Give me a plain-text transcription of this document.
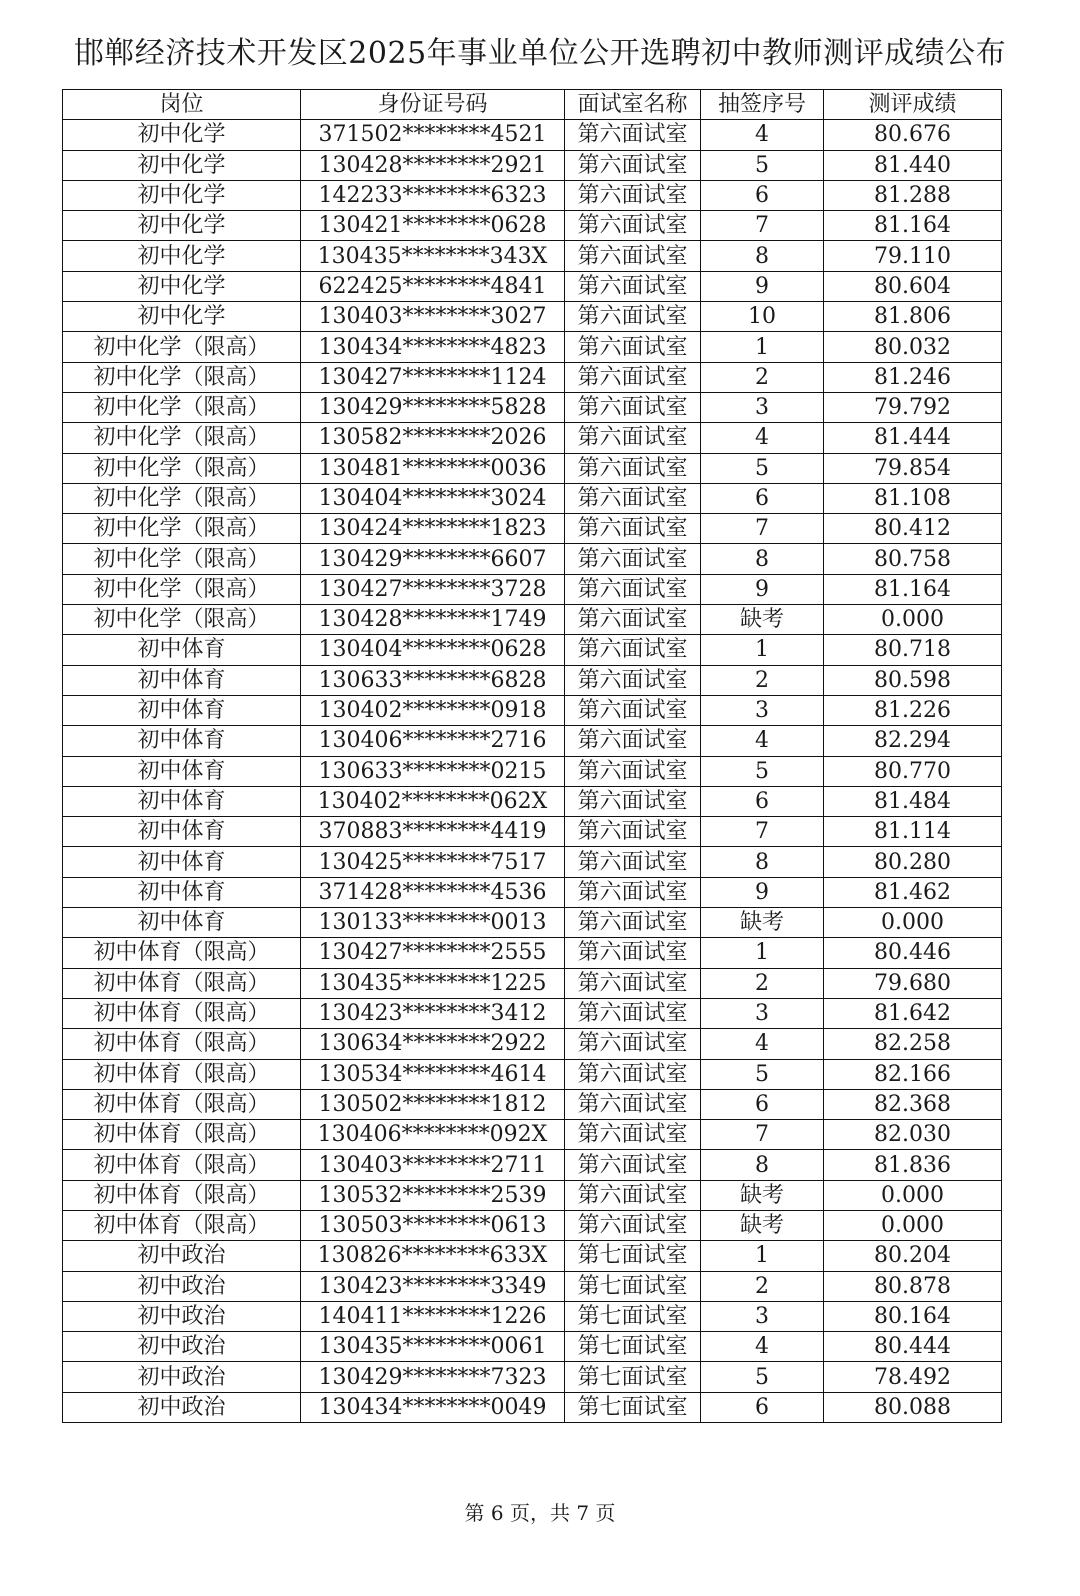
邯郸经济技术开发区2025年事业单位公开选聘初中教师测评成绩公布
岗位	身份证号码	面试室名称	抽签序号	测评成绩
初中化学	371502********4521	第六面试室	4	80.676
初中化学	130428********2921	第六面试室	5	81.440
初中化学	142233********6323	第六面试室	6	81.288
初中化学	130421********0628	第六面试室	7	81.164
初中化学	130435********343X	第六面试室	8	79.110
初中化学	622425********4841	第六面试室	9	80.604
初中化学	130403********3027	第六面试室	10	81.806
初中化学（限高）	130434********4823	第六面试室	1	80.032
初中化学（限高）	130427********1124	第六面试室	2	81.246
初中化学（限高）	130429********5828	第六面试室	3	79.792
初中化学（限高）	130582********2026	第六面试室	4	81.444
初中化学（限高）	130481********0036	第六面试室	5	79.854
初中化学（限高）	130404********3024	第六面试室	6	81.108
初中化学（限高）	130424********1823	第六面试室	7	80.412
初中化学（限高）	130429********6607	第六面试室	8	80.758
初中化学（限高）	130427********3728	第六面试室	9	81.164
初中化学（限高）	130428********1749	第六面试室	缺考	0.000
初中体育	130404********0628	第六面试室	1	80.718
初中体育	130633********6828	第六面试室	2	80.598
初中体育	130402********0918	第六面试室	3	81.226
初中体育	130406********2716	第六面试室	4	82.294
初中体育	130633********0215	第六面试室	5	80.770
初中体育	130402********062X	第六面试室	6	81.484
初中体育	370883********4419	第六面试室	7	81.114
初中体育	130425********7517	第六面试室	8	80.280
初中体育	371428********4536	第六面试室	9	81.462
初中体育	130133********0013	第六面试室	缺考	0.000
初中体育（限高）	130427********2555	第六面试室	1	80.446
初中体育（限高）	130435********1225	第六面试室	2	79.680
初中体育（限高）	130423********3412	第六面试室	3	81.642
初中体育（限高）	130634********2922	第六面试室	4	82.258
初中体育（限高）	130534********4614	第六面试室	5	82.166
初中体育（限高）	130502********1812	第六面试室	6	82.368
初中体育（限高）	130406********092X	第六面试室	7	82.030
初中体育（限高）	130403********2711	第六面试室	8	81.836
初中体育（限高）	130532********2539	第六面试室	缺考	0.000
初中体育（限高）	130503********0613	第六面试室	缺考	0.000
初中政治	130826********633X	第七面试室	1	80.204
初中政治	130423********3349	第七面试室	2	80.878
初中政治	140411********1226	第七面试室	3	80.164
初中政治	130435********0061	第七面试室	4	80.444
初中政治	130429********7323	第七面试室	5	78.492
初中政治	130434********0049	第七面试室	6	80.088
第 6 页，共 7 页
